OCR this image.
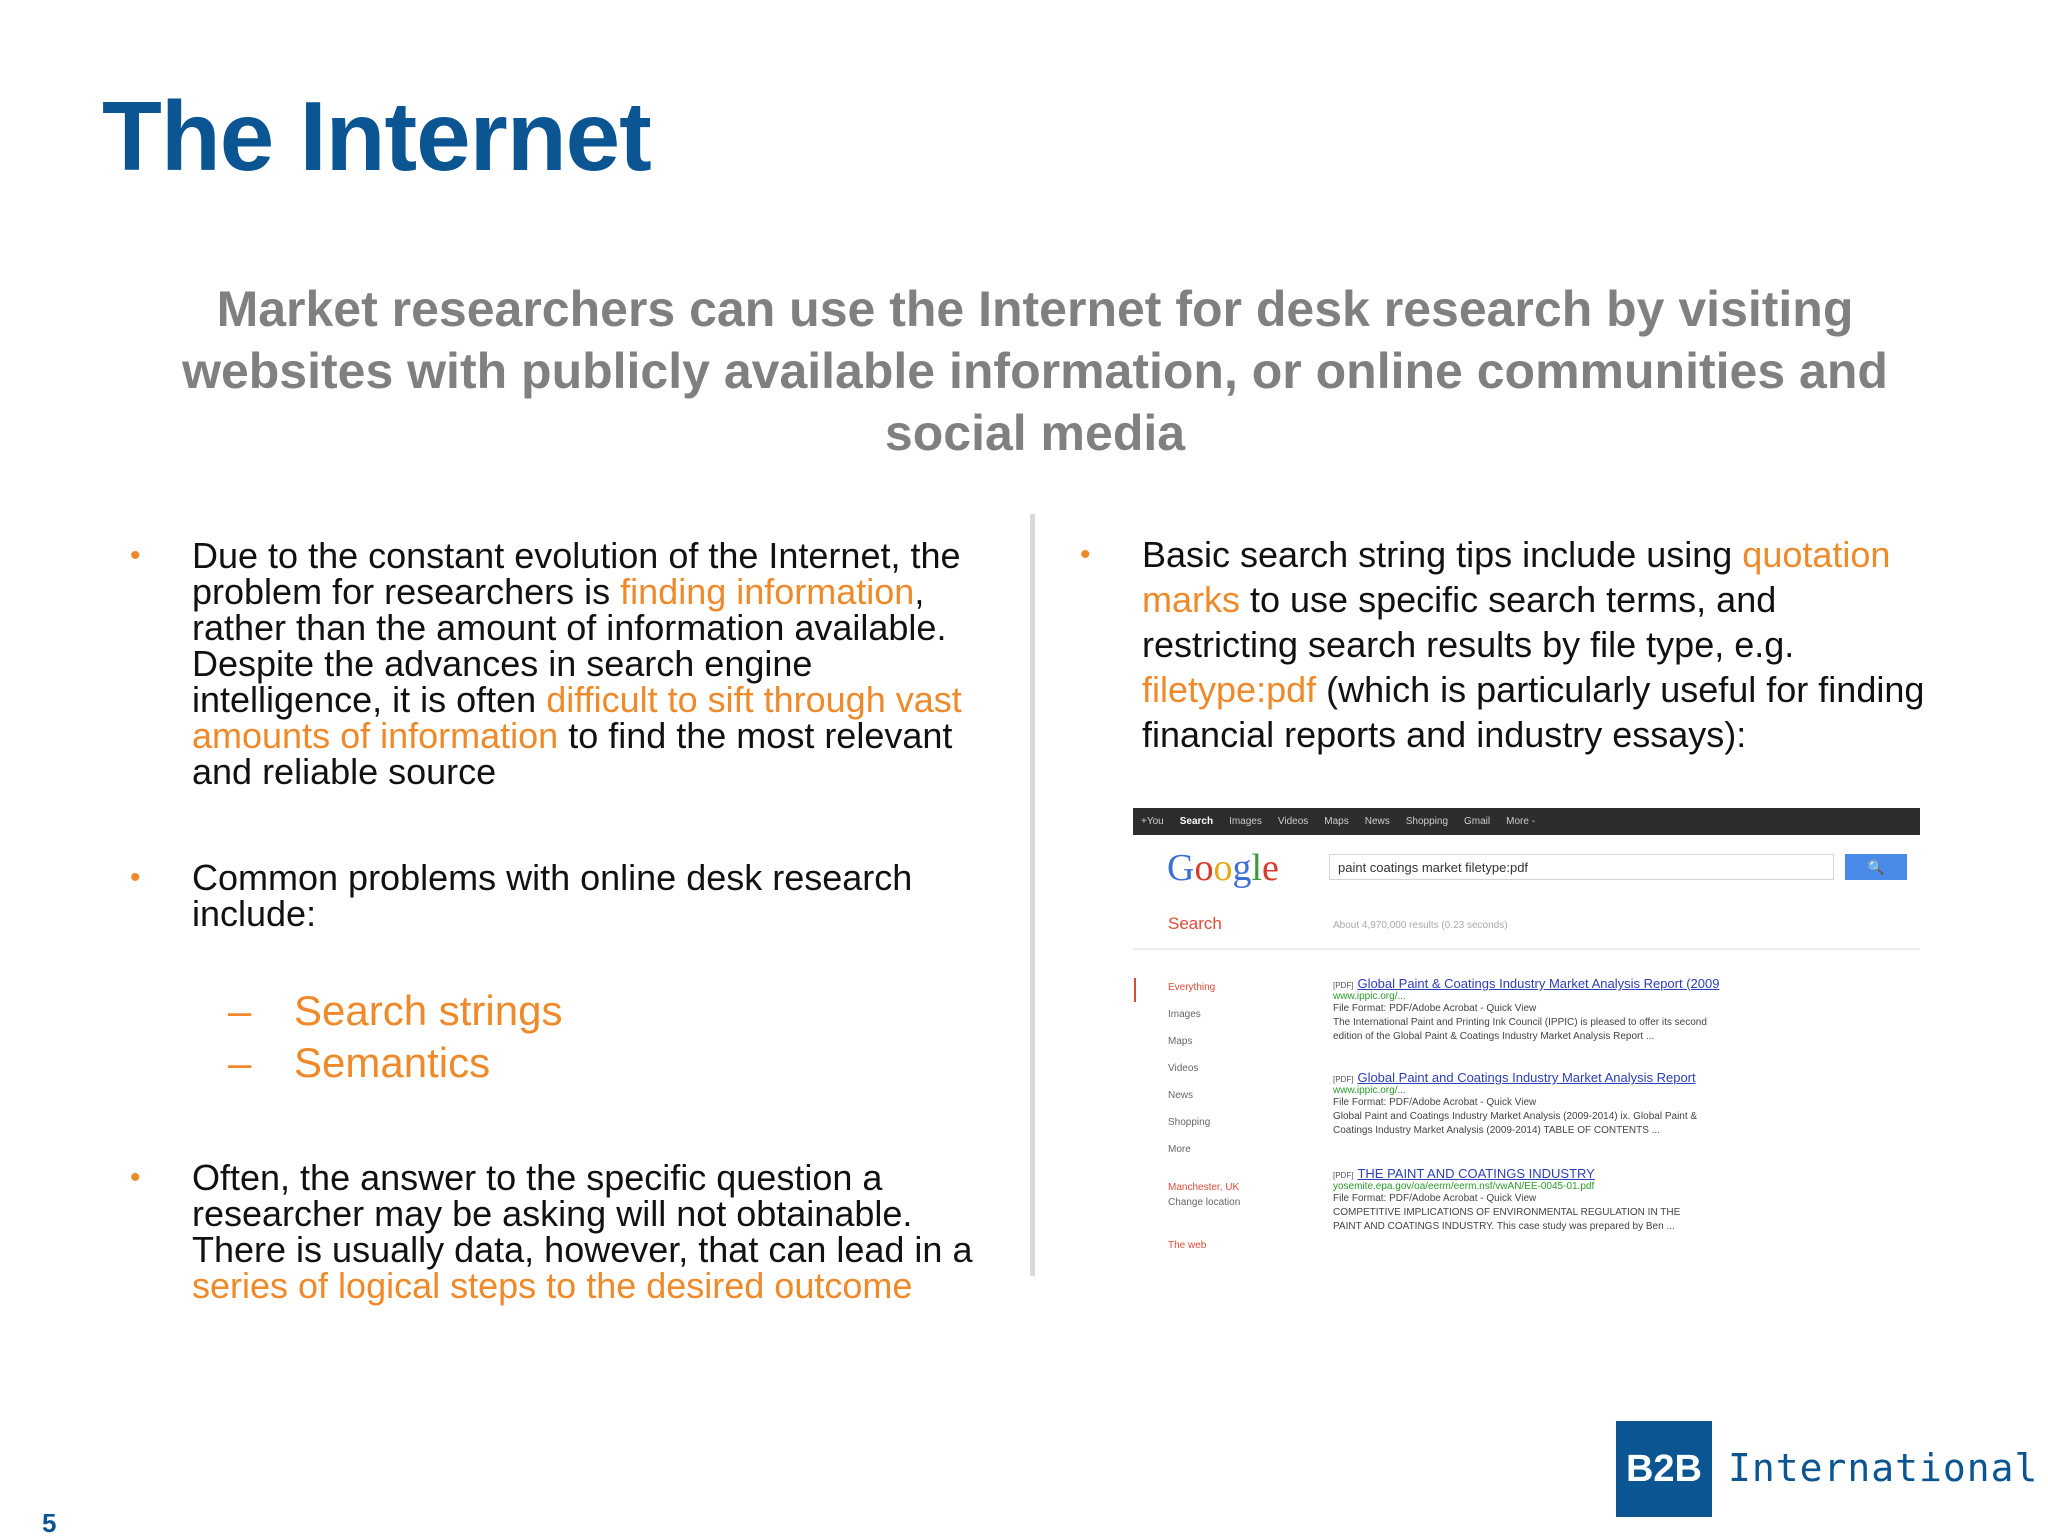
The Internet
Market researchers can use the Internet for desk research by visiting websites with publicly available information, or online communities and social media
• Due to the constant evolution of the Internet, the problem for researchers is finding information, rather than the amount of information available. Despite the advances in search engine intelligence, it is often difficult to sift through vast amounts of information to find the most relevant and reliable source
• Common problems with online desk research include:
– Search strings
– Semantics
• Often, the answer to the specific question a researcher may be asking will not obtainable. There is usually data, however, that can lead in a series of logical steps to the desired outcome
• Basic search string tips include using quotation marks to use specific search terms, and restricting search results by file type, e.g. filetype:pdf (which is particularly useful for finding financial reports and industry essays):
+You Search Images Videos Maps News Shopping Gmail More -
Google	paint coatings market filetype:pdf	🔍
Search	About 4,970,000 results (0.23 seconds)
Everything
Images
Maps
Videos
News
Shopping
More
Manchester, UK
Change location
The web
[PDF] Global Paint & Coatings Industry Market Analysis Report (2009
www.ippic.org/...
File Format: PDF/Adobe Acrobat - Quick View
The International Paint and Printing Ink Council (IPPIC) is pleased to offer its second
edition of the Global Paint & Coatings Industry Market Analysis Report ...
[PDF] Global Paint and Coatings Industry Market Analysis Report
www.ippic.org/...
File Format: PDF/Adobe Acrobat - Quick View
Global Paint and Coatings Industry Market Analysis (2009-2014) ix. Global Paint &
Coatings Industry Market Analysis (2009-2014) TABLE OF CONTENTS ...
[PDF] THE PAINT AND COATINGS INDUSTRY
yosemite.epa.gov/oa/eerm/eerm.nsf/vwAN/EE-0045-01.pdf
File Format: PDF/Adobe Acrobat - Quick View
COMPETITIVE IMPLICATIONS OF ENVIRONMENTAL REGULATION IN THE
PAINT AND COATINGS INDUSTRY. This case study was prepared by Ben ...
B2B International
5
